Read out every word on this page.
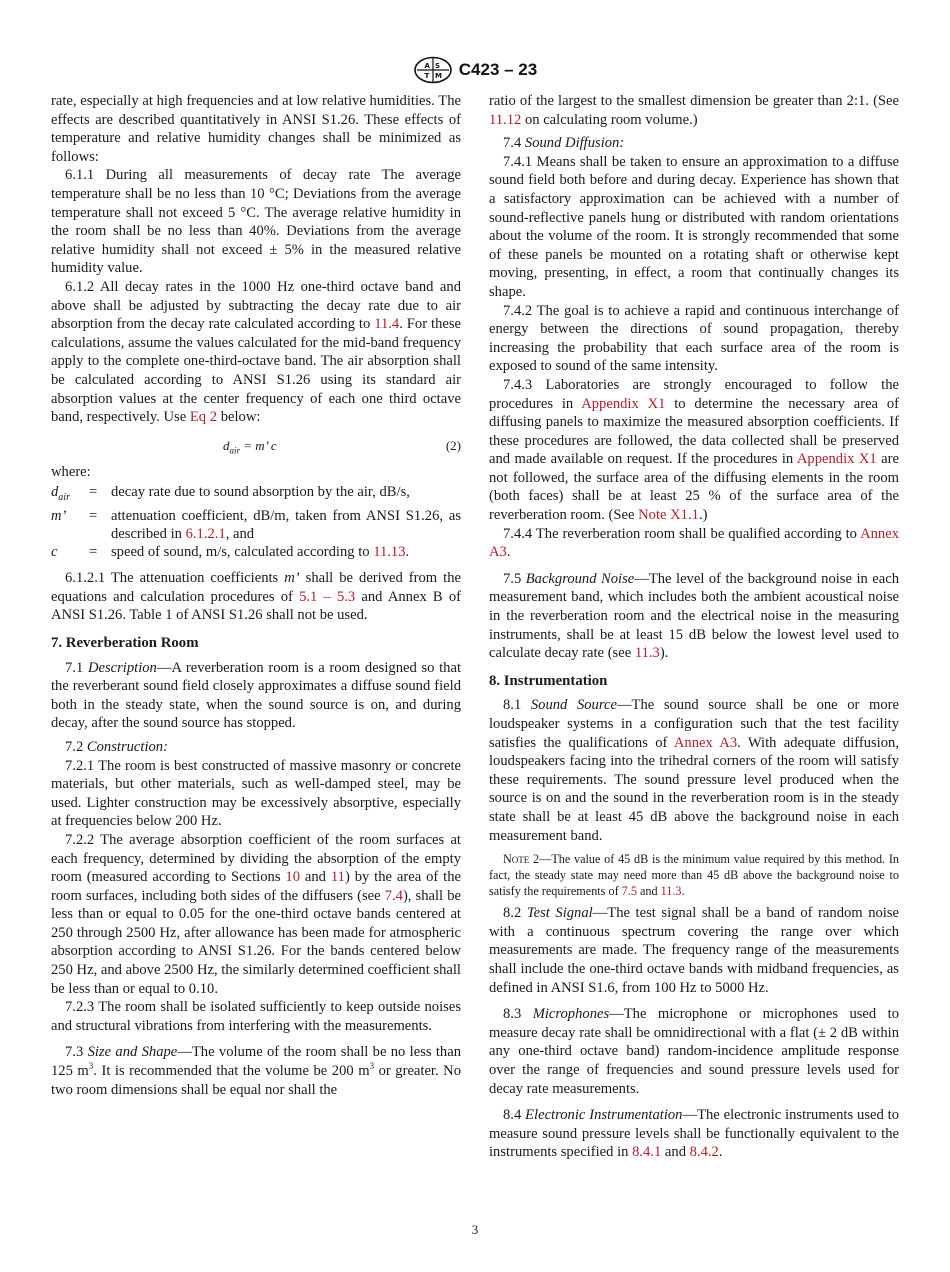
A S
T M C423 – 23

rate, especially at high frequencies and at low relative humidities. The effects are described quantitatively in ANSI S1.26. These effects of temperature and relative humidity changes shall be minimized as follows:

6.1.1 During all measurements of decay rate The average temperature shall be no less than 10 °C; Deviations from the average temperature shall not exceed 5 °C. The average relative humidity in the room shall be no less than 40%. Deviations from the average relative humidity shall not exceed ± 5% in the measured relative humidity value.

6.1.2 All decay rates in the 1000 Hz one-third octave band and above shall be adjusted by subtracting the decay rate due to air absorption from the decay rate calculated according to 11.4. For these calculations, assume the values calculated for the mid-band frequency apply to the complete one-third-octave band. The air absorption shall be calculated according to ANSI S1.26 using its standard air absorption values at the center frequency of each one third octave band, respectively. Use Eq 2 below:

$d_{air} = m$’ c	(2)

where:

$d_{air}$	=	decay rate due to sound absorption by the air, dB/s,
m’	=	attenuation coefficient, dB/m, taken from ANSI S1.26, as described in 6.1.2.1, and
c	=	speed of sound, m/s, calculated according to 11.13.

6.1.2.1 The attenuation coefficients m’ shall be derived from the equations and calculation procedures of 5.1 – 5.3 and Annex B of ANSI S1.26. Table 1 of ANSI S1.26 shall not be used.

7. Reverberation Room

7.1 Description—A reverberation room is a room designed so that the reverberant sound field closely approximates a diffuse sound field both in the steady state, when the sound source is on, and during decay, after the sound source has stopped.

7.2 Construction:

7.2.1 The room is best constructed of massive masonry or concrete materials, but other materials, such as well-damped steel, may be used. Lighter construction may be excessively absorptive, especially at frequencies below 200 Hz.

7.2.2 The average absorption coefficient of the room surfaces at each frequency, determined by dividing the absorption of the empty room (measured according to Sections 10 and 11) by the area of the room surfaces, including both sides of the diffusers (see 7.4), shall be less than or equal to 0.05 for the one-third octave bands centered at 250 through 2500 Hz, after allowance has been made for atmospheric absorption according to ANSI S1.26. For the bands centered below 250 Hz, and above 2500 Hz, the similarly determined coefficient shall be less than or equal to 0.10.

7.2.3 The room shall be isolated sufficiently to keep outside noises and structural vibrations from interfering with the measurements.

7.3 Size and Shape—The volume of the room shall be no less than 125 $m^3$. It is recommended that the volume be 200 $m^3$ or greater. No two room dimensions shall be equal nor shall the

ratio of the largest to the smallest dimension be greater than 2:1. (See 11.12 on calculating room volume.)

7.4 Sound Diffusion:

7.4.1 Means shall be taken to ensure an approximation to a diffuse sound field both before and during decay. Experience has shown that a satisfactory approximation can be achieved with a number of sound-reflective panels hung or distributed with random orientations about the volume of the room. It is strongly recommended that some of these panels be mounted on a rotating shaft or otherwise kept moving, presenting, in effect, a room that continually changes its shape.

7.4.2 The goal is to achieve a rapid and continuous interchange of energy between the directions of sound propagation, thereby increasing the probability that each surface area of the room is exposed to sound of the same intensity.

7.4.3 Laboratories are strongly encouraged to follow the procedures in Appendix X1 to determine the necessary area of diffusing panels to maximize the measured absorption coefficients. If these procedures are followed, the data collected shall be preserved and made available on request. If the procedures in Appendix X1 are not followed, the surface area of the diffusing elements in the room (both faces) shall be at least 25 % of the surface area of the reverberation room. (See Note X1.1.)

7.4.4 The reverberation room shall be qualified according to Annex A3.

7.5 Background Noise—The level of the background noise in each measurement band, which includes both the ambient acoustical noise in the reverberation room and the electrical noise in the measuring instruments, shall be at least 15 dB below the lowest level used to calculate decay rate (see 11.3).

8. Instrumentation

8.1 Sound Source—The sound source shall be one or more loudspeaker systems in a configuration such that the test facility satisfies the qualifications of Annex A3. With adequate diffusion, loudspeakers facing into the trihedral corners of the room will satisfy these requirements. The sound pressure level produced when the source is on and the sound in the reverberation room is in the steady state shall be at least 45 dB above the background noise in each measurement band.

Note 2—The value of 45 dB is the minimum value required by this method. In fact, the steady state may need more than 45 dB above the background noise to satisfy the requirements of 7.5 and 11.3.

8.2 Test Signal—The test signal shall be a band of random noise with a continuous spectrum covering the range over which measurements are made. The frequency range of the measurements shall include the one-third octave bands with midband frequencies, as defined in ANSI S1.6, from 100 Hz to 5000 Hz.

8.3 Microphones—The microphone or microphones used to measure decay rate shall be omnidirectional with a flat (± 2 dB within any one-third octave band) random-incidence amplitude response over the range of frequencies and sound pressure levels used for decay rate measurements.

8.4 Electronic Instrumentation—The electronic instruments used to measure sound pressure levels shall be functionally equivalent to the instruments specified in 8.4.1 and 8.4.2.

3
